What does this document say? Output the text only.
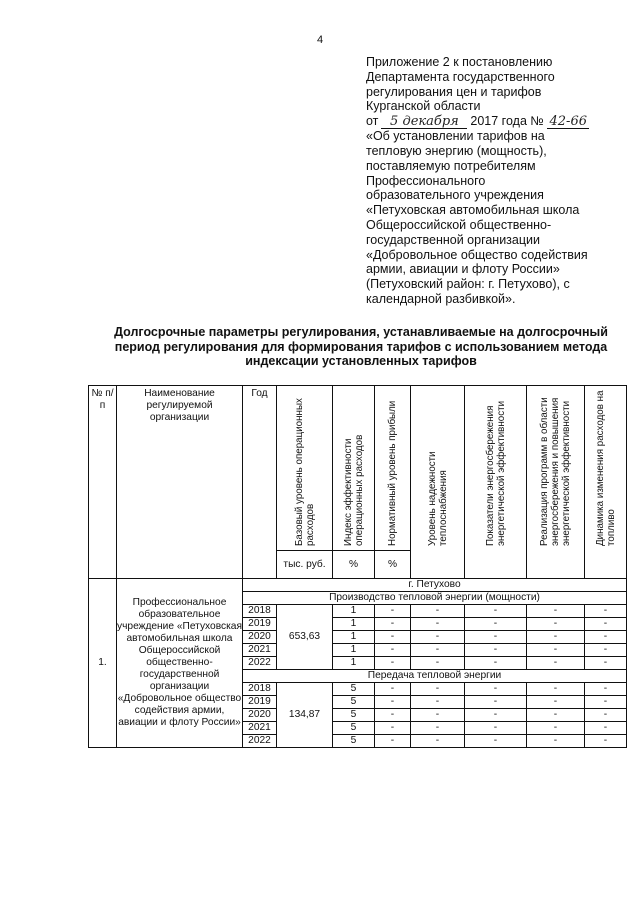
4
Приложение 2 к постановлению
Департамента государственного
регулирования цен и тарифов
Курганской области
от 5 декабря 2017 года № 42-66
«Об установлении тарифов на
тепловую энергию (мощность),
поставляемую потребителям
Профессионального
образовательного учреждения
«Петуховская автомобильная школа
Общероссийской общественно-
государственной организации
«Добровольное общество содействия
армии, авиации и флоту России»
(Петуховский район: г. Петухово), с
календарной разбивкой».
Долгосрочные параметры регулирования, устанавливаемые на долгосрочный
период регулирования для формирования тарифов с использованием метода
индексации установленных тарифов
№ п/п	Наименование регулируемой организации	Год	Базовый уровень операционных расходов	Индекс эффективности операционных расходов	Нормативный уровень прибыли	Уровень надежности теплоснабжения	Показатели энергосбережения энергетической эффективности	Реализация программ в области энергосбережения и повышения энергетической эффективности	Динамика изменения расходов на топливо
			тыс. руб.	%	%				
1.	Профессиональное образовательное учреждение «Петуховская автомобильная школа Общероссийской общественно-государственной организации «Добровольное общество содействия армии, авиации и флоту России»	г. Петухово							
		Производство тепловой энергии (мощности)							
		2018	653,63	1	-	-	-	-	-
		2019		1	-	-	-	-	-
		2020		1	-	-	-	-	-
		2021		1	-	-	-	-	-
		2022		1	-	-	-	-	-
		Передача тепловой энергии							
		2018	134,87	5	-	-	-	-	-
		2019		5	-	-	-	-	-
		2020		5	-	-	-	-	-
		2021		5	-	-	-	-	-
		2022		5	-	-	-	-	-
